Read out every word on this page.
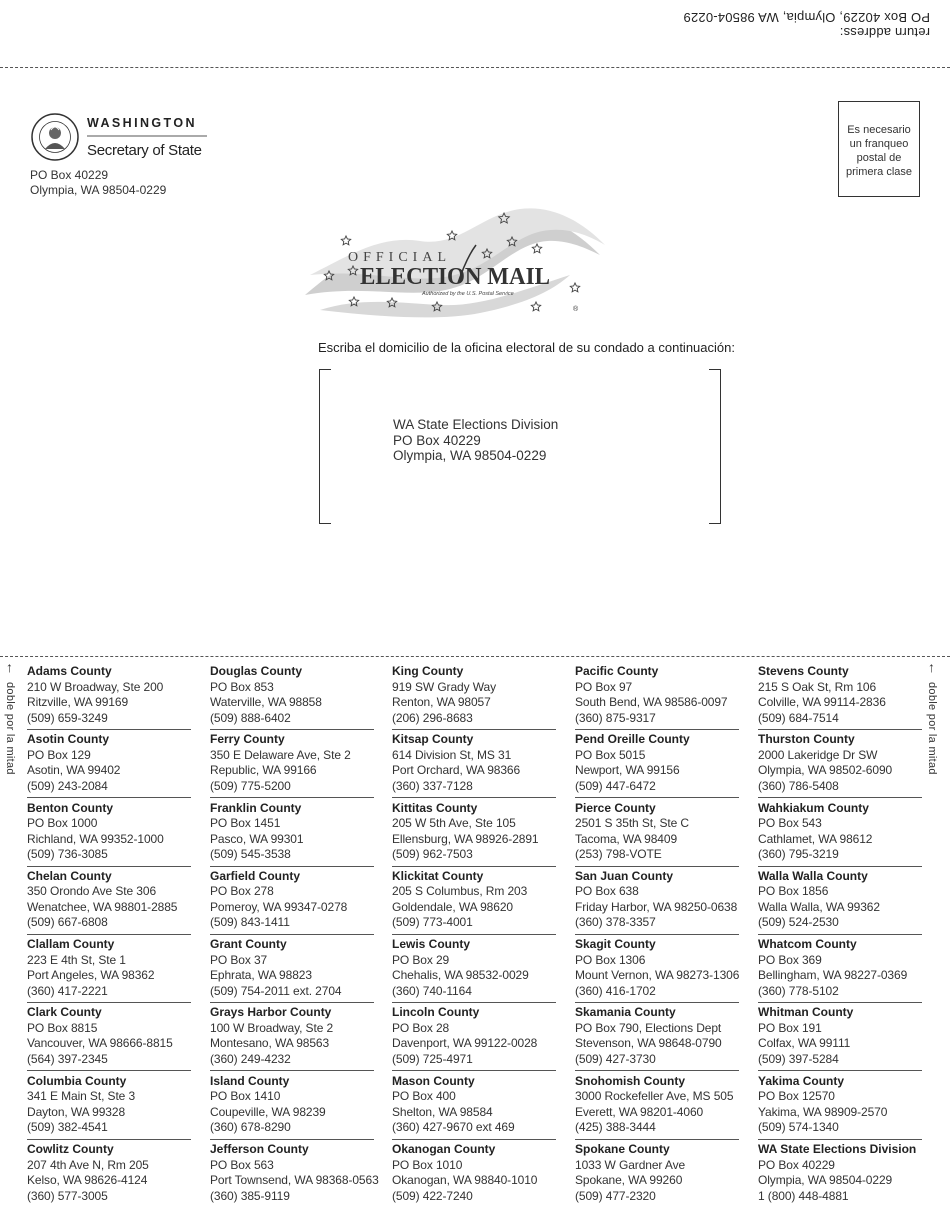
return address:
PO Box 40229, Olympia, WA 98504-0229
WASHINGTON
Secretary of State
PO Box 40229
Olympia, WA 98504-0229
Es necesario
un franqueo
postal de
primera clase
OFFICIAL
ELECTION MAIL
Authorized by the U.S. Postal Service
®
Escriba el domicilio de la oficina electoral de su condado a continuación:
WA State Elections Division
PO Box 40229
Olympia, WA 98504-0229
↑
doble por la mitad
↑
doble por la mitad
Adams County
210 W Broadway, Ste 200
Ritzville, WA 99169
(509) 659-3249
Asotin County
PO Box 129
Asotin, WA 99402
(509) 243-2084
Benton County
PO Box 1000
Richland, WA 99352-1000
(509) 736-3085
Chelan County
350 Orondo Ave Ste 306
Wenatchee, WA 98801-2885
(509) 667-6808
Clallam County
223 E 4th St, Ste 1
Port Angeles, WA 98362
(360) 417-2221
Clark County
PO Box 8815
Vancouver, WA 98666-8815
(564) 397-2345
Columbia County
341 E Main St, Ste 3
Dayton, WA 99328
(509) 382-4541
Cowlitz County
207 4th Ave N, Rm 205
Kelso, WA 98626-4124
(360) 577-3005
Douglas County
PO Box 853
Waterville, WA 98858
(509) 888-6402
Ferry County
350 E Delaware Ave, Ste 2
Republic, WA 99166
(509) 775-5200
Franklin County
PO Box 1451
Pasco, WA 99301
(509) 545-3538
Garfield County
PO Box 278
Pomeroy, WA 99347-0278
(509) 843-1411
Grant County
PO Box 37
Ephrata, WA 98823
(509) 754-2011 ext. 2704
Grays Harbor County
100 W Broadway, Ste 2
Montesano, WA 98563
(360) 249-4232
Island County
PO Box 1410
Coupeville, WA 98239
(360) 678-8290
Jefferson County
PO Box 563
Port Townsend, WA 98368-0563
(360) 385-9119
King County
919 SW Grady Way
Renton, WA 98057
(206) 296-8683
Kitsap County
614 Division St, MS 31
Port Orchard, WA 98366
(360) 337-7128
Kittitas County
205 W 5th Ave, Ste 105
Ellensburg, WA 98926-2891
(509) 962-7503
Klickitat County
205 S Columbus, Rm 203
Goldendale, WA 98620
(509) 773-4001
Lewis County
PO Box 29
Chehalis, WA 98532-0029
(360) 740-1164
Lincoln County
PO Box 28
Davenport, WA 99122-0028
(509) 725-4971
Mason County
PO Box 400
Shelton, WA 98584
(360) 427-9670 ext 469
Okanogan County
PO Box 1010
Okanogan, WA 98840-1010
(509) 422-7240
Pacific County
PO Box 97
South Bend, WA 98586-0097
(360) 875-9317
Pend Oreille County
PO Box 5015
Newport, WA 99156
(509) 447-6472
Pierce County
2501 S 35th St, Ste C
Tacoma, WA 98409
(253) 798-VOTE
San Juan County
PO Box 638
Friday Harbor, WA 98250-0638
(360) 378-3357
Skagit County
PO Box 1306
Mount Vernon, WA 98273-1306
(360) 416-1702
Skamania County
PO Box 790, Elections Dept
Stevenson, WA 98648-0790
(509) 427-3730
Snohomish County
3000 Rockefeller Ave, MS 505
Everett, WA 98201-4060
(425) 388-3444
Spokane County
1033 W Gardner Ave
Spokane, WA 99260
(509) 477-2320
Stevens County
215 S Oak St, Rm 106
Colville, WA 99114-2836
(509) 684-7514
Thurston County
2000 Lakeridge Dr SW
Olympia, WA 98502-6090
(360) 786-5408
Wahkiakum County
PO Box 543
Cathlamet, WA 98612
(360) 795-3219
Walla Walla County
PO Box 1856
Walla Walla, WA 99362
(509) 524-2530
Whatcom County
PO Box 369
Bellingham, WA 98227-0369
(360) 778-5102
Whitman County
PO Box 191
Colfax, WA 99111
(509) 397-5284
Yakima County
PO Box 12570
Yakima, WA 98909-2570
(509) 574-1340
WA State Elections Division
PO Box 40229
Olympia, WA 98504-0229
1 (800) 448-4881
